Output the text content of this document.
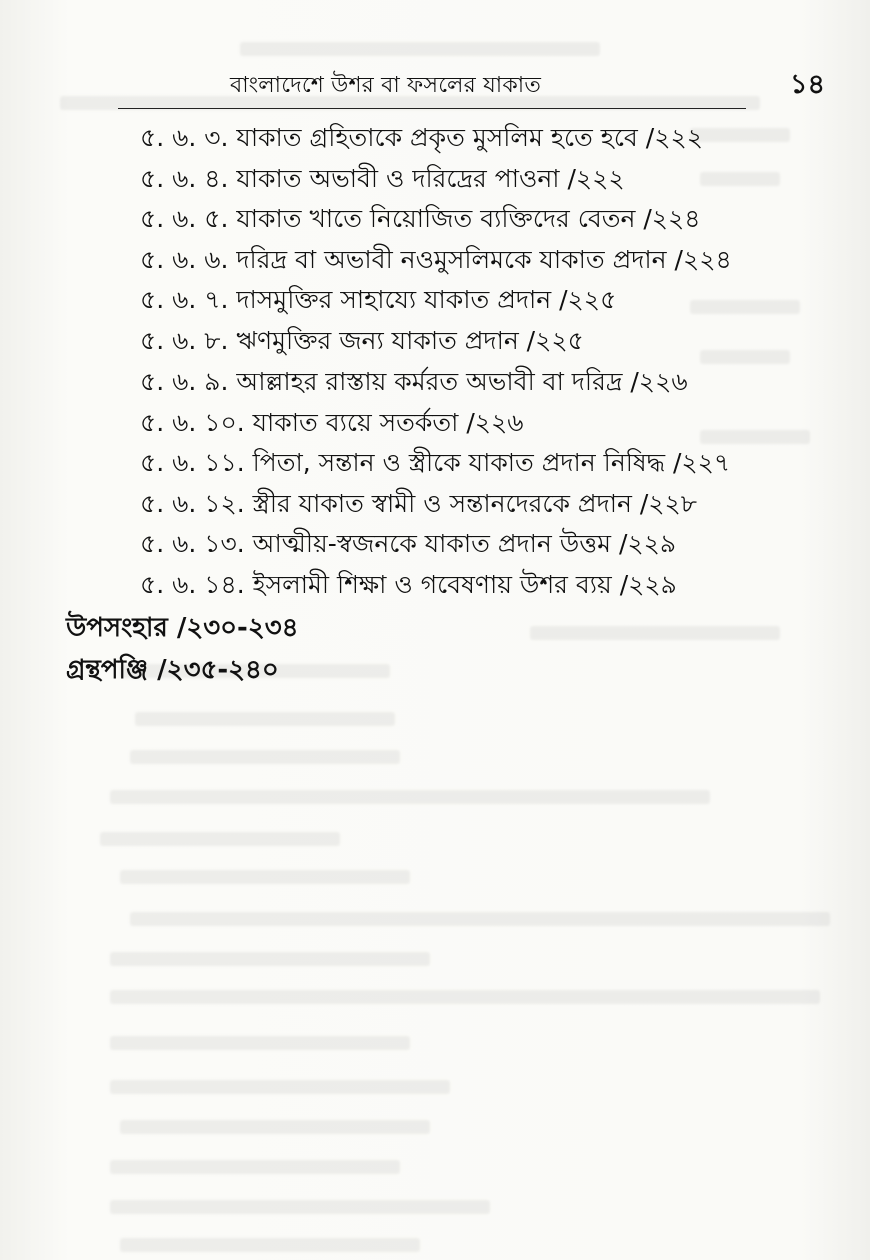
বাংলাদেশে উশর বা ফসলের যাকাত	১৪
৫. ৬. ৩. যাকাত গ্রহিতাকে প্রকৃত মুসলিম হতে হবে /২২২
৫. ৬. ৪. যাকাত অভাবী ও দরিদ্রের পাওনা /২২২
৫. ৬. ৫. যাকাত খাতে নিয়োজিত ব্যক্তিদের বেতন /২২৪
৫. ৬. ৬. দরিদ্র বা অভাবী নওমুসলিমকে যাকাত প্রদান /২২৪
৫. ৬. ৭. দাসমুক্তির সাহায্যে যাকাত প্রদান /২২৫
৫. ৬. ৮. ঋণমুক্তির জন্য যাকাত প্রদান /২২৫
৫. ৬. ৯. আল্লাহর রাস্তায় কর্মরত অভাবী বা দরিদ্র /২২৬
৫. ৬. ১০. যাকাত ব্যয়ে সতর্কতা /২২৬
৫. ৬. ১১. পিতা, সন্তান ও স্ত্রীকে যাকাত প্রদান নিষিদ্ধ /২২৭
৫. ৬. ১২. স্ত্রীর যাকাত স্বামী ও সন্তানদেরকে প্রদান /২২৮
৫. ৬. ১৩. আত্মীয়-স্বজনকে যাকাত প্রদান উত্তম /২২৯
৫. ৬. ১৪. ইসলামী শিক্ষা ও গবেষণায় উশর ব্যয় /২২৯
উপসংহার /২৩০-২৩৪
গ্রন্থপঞ্জি /২৩৫-২৪০
